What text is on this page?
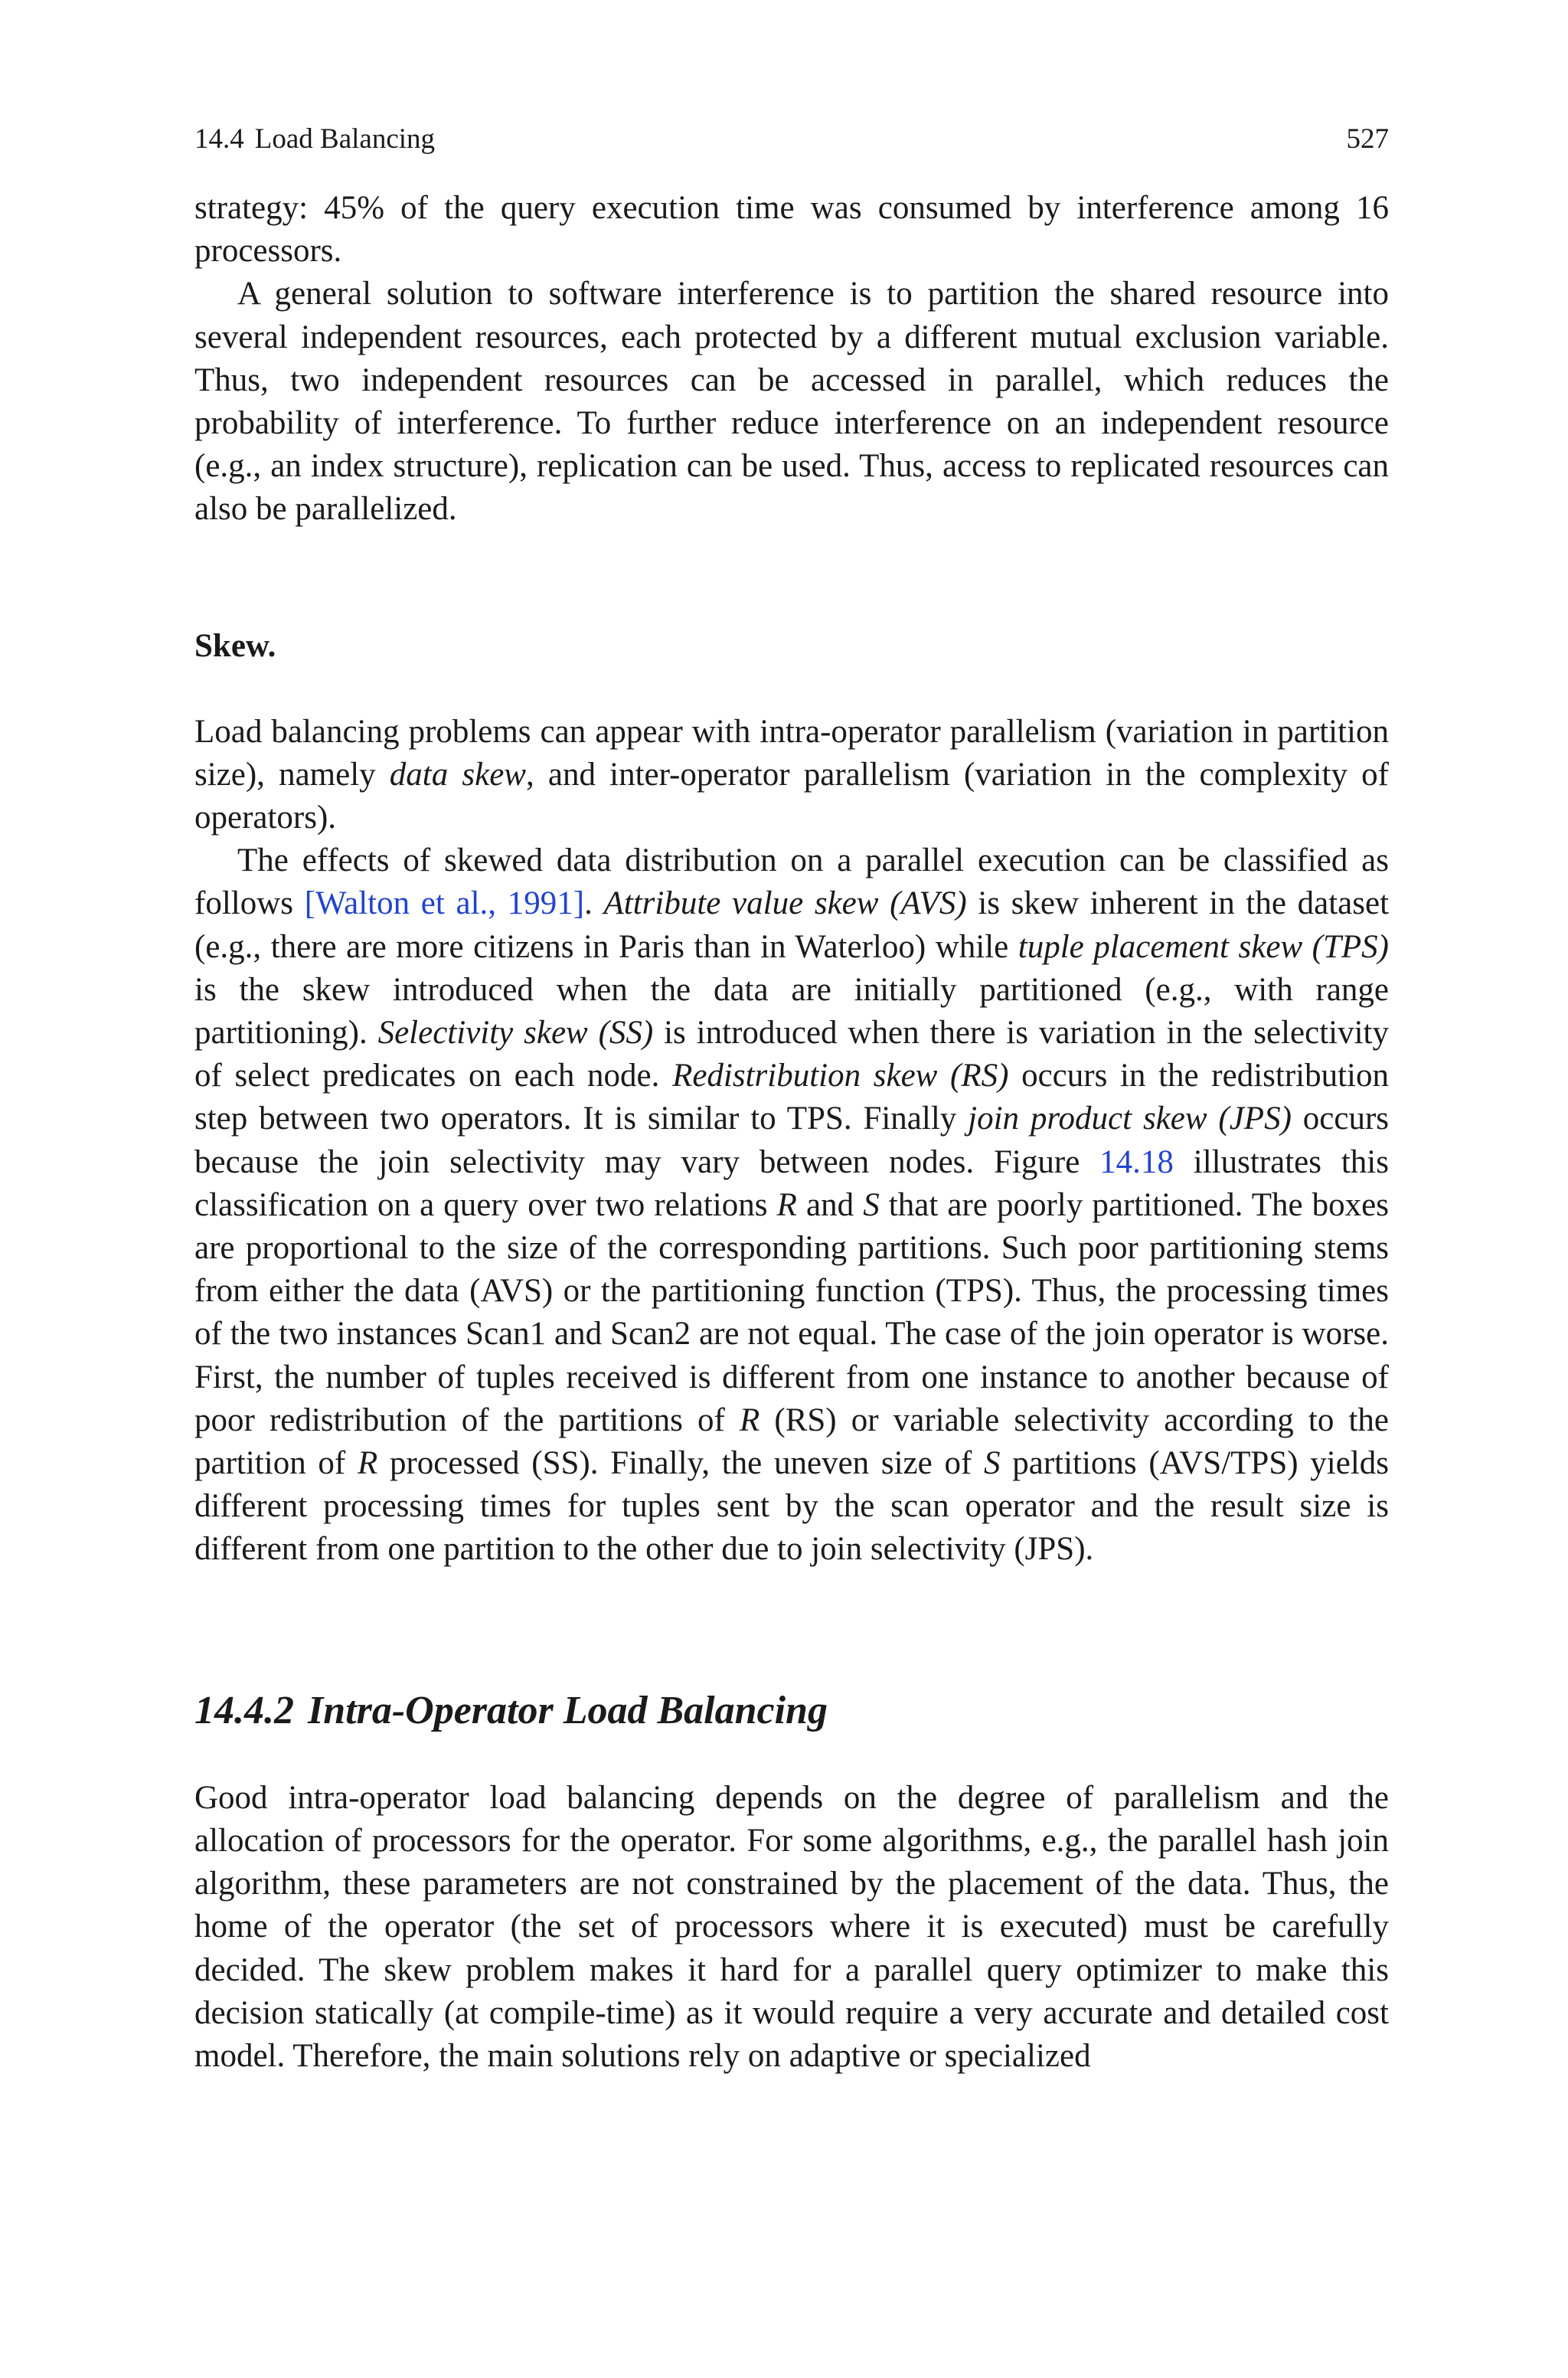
14.4 Load Balancing	527

strategy: 45% of the query execution time was consumed by interference among 16 processors.

A general solution to software interference is to partition the shared resource into several independent resources, each protected by a different mutual exclusion variable. Thus, two independent resources can be accessed in parallel, which reduces the probability of interference. To further reduce interference on an independent resource (e.g., an index structure), replication can be used. Thus, access to replicated resources can also be parallelized.

Skew.

Load balancing problems can appear with intra-operator parallelism (variation in partition size), namely data skew, and inter-operator parallelism (variation in the complexity of operators).

The effects of skewed data distribution on a parallel execution can be classified as follows [Walton et al., 1991]. Attribute value skew (AVS) is skew inherent in the dataset (e.g., there are more citizens in Paris than in Waterloo) while tuple placement skew (TPS) is the skew introduced when the data are initially partitioned (e.g., with range partitioning). Selectivity skew (SS) is introduced when there is variation in the selectivity of select predicates on each node. Redistribution skew (RS) occurs in the redistribution step between two operators. It is similar to TPS. Finally join product skew (JPS) occurs because the join selectivity may vary between nodes. Figure 14.18 illustrates this classification on a query over two relations R and S that are poorly partitioned. The boxes are proportional to the size of the corresponding partitions. Such poor partitioning stems from either the data (AVS) or the partitioning function (TPS). Thus, the processing times of the two instances Scan1 and Scan2 are not equal. The case of the join operator is worse. First, the number of tuples received is different from one instance to another because of poor redistribution of the partitions of R (RS) or variable selectivity according to the partition of R processed (SS). Finally, the uneven size of S partitions (AVS/TPS) yields different processing times for tuples sent by the scan operator and the result size is different from one partition to the other due to join selectivity (JPS).

14.4.2 Intra-Operator Load Balancing

Good intra-operator load balancing depends on the degree of parallelism and the allocation of processors for the operator. For some algorithms, e.g., the parallel hash join algorithm, these parameters are not constrained by the placement of the data. Thus, the home of the operator (the set of processors where it is executed) must be carefully decided. The skew problem makes it hard for a parallel query optimizer to make this decision statically (at compile-time) as it would require a very accurate and detailed cost model. Therefore, the main solutions rely on adaptive or specialized
